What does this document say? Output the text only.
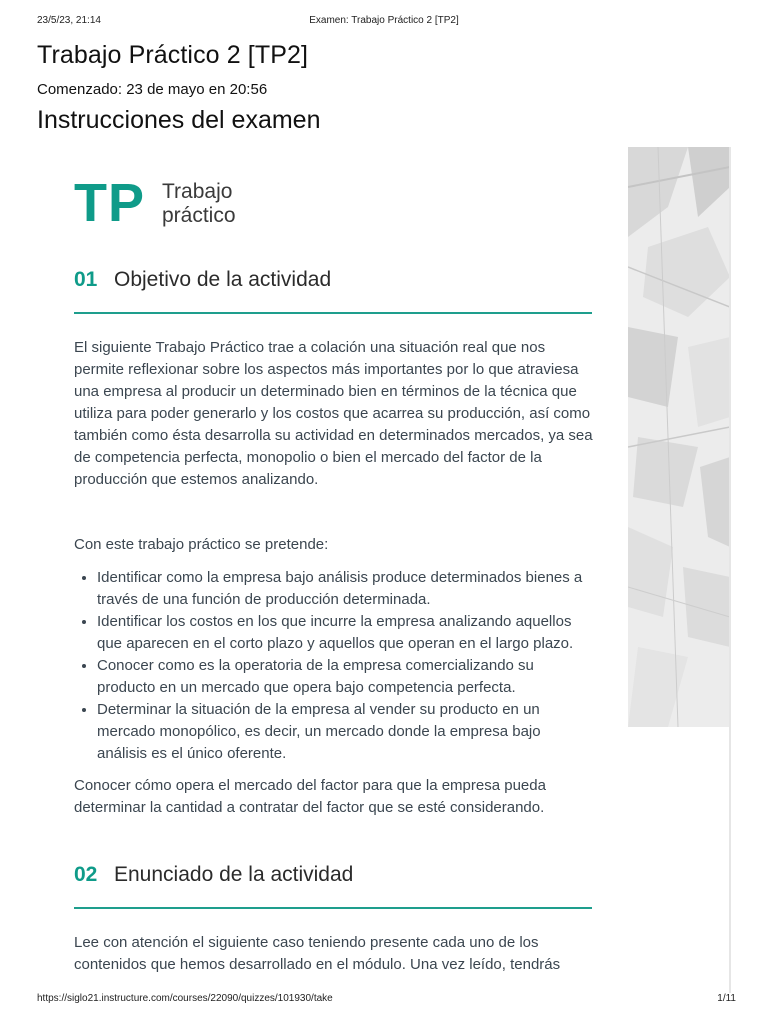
23/5/23, 21:14	Examen: Trabajo Práctico 2 [TP2]
Trabajo Práctico 2 [TP2]
Comenzado: 23 de mayo en 20:56
Instrucciones del examen
TP Trabajo
práctico
01 Objetivo de la actividad

El siguiente Trabajo Práctico trae a colación una situación real que nos permite reflexionar sobre los aspectos más importantes por lo que atraviesa una empresa al producir un determinado bien en términos de la técnica que utiliza para poder generarlo y los costos que acarrea su producción, así como también como ésta desarrolla su actividad en determinados mercados, ya sea de competencia perfecta, monopolio o bien el mercado del factor de la producción que estemos analizando.

Con este trabajo práctico se pretende:

• Identificar como la empresa bajo análisis produce determinados bienes a través de una función de producción determinada.
• Identificar los costos en los que incurre la empresa analizando aquellos que aparecen en el corto plazo y aquellos que operan en el largo plazo.
• Conocer como es la operatoria de la empresa comercializando su producto en un mercado que opera bajo competencia perfecta.
• Determinar la situación de la empresa al vender su producto en un mercado monopólico, es decir, un mercado donde la empresa bajo análisis es el único oferente.

Conocer cómo opera el mercado del factor para que la empresa pueda determinar la cantidad a contratar del factor que se esté considerando.

02 Enunciado de la actividad

Lee con atención el siguiente caso teniendo presente cada uno de los contenidos que hemos desarrollado en el módulo. Una vez leído, tendrás

https://siglo21.instructure.com/courses/22090/quizzes/101930/take	1/11
